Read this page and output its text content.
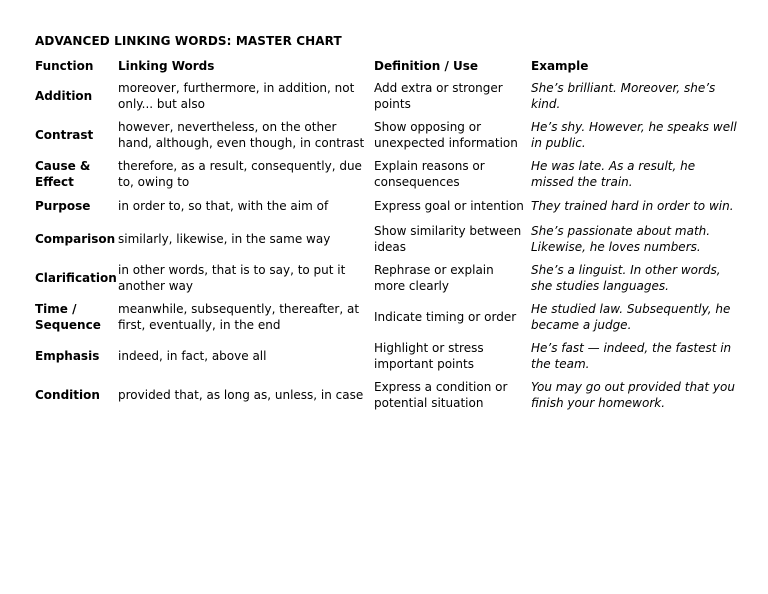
ADVANCED LINKING WORDS: MASTER CHART
Function	Linking Words	Definition / Use	Example
Addition	moreover, furthermore, in addition, not only... but also	Add extra or stronger points	She’s brilliant. Moreover, she’s kind.
Contrast	however, nevertheless, on the other hand, although, even though, in contrast	Show opposing or unexpected information	He’s shy. However, he speaks well in public.
Cause & Effect	therefore, as a result, consequently, due to, owing to	Explain reasons or consequences	He was late. As a result, he missed the train.
Purpose	in order to, so that, with the aim of	Express goal or intention	They trained hard in order to win.
Comparison	similarly, likewise, in the same way	Show similarity between ideas	She’s passionate about math. Likewise, he loves numbers.
Clarification	in other words, that is to say, to put it another way	Rephrase or explain more clearly	She’s a linguist. In other words, she studies languages.
Time / Sequence	meanwhile, subsequently, thereafter, at first, eventually, in the end	Indicate timing or order	He studied law. Subsequently, he became a judge.
Emphasis	indeed, in fact, above all	Highlight or stress important points	He’s fast — indeed, the fastest in the team.
Condition	provided that, as long as, unless, in case	Express a condition or potential situation	You may go out provided that you finish your homework.
